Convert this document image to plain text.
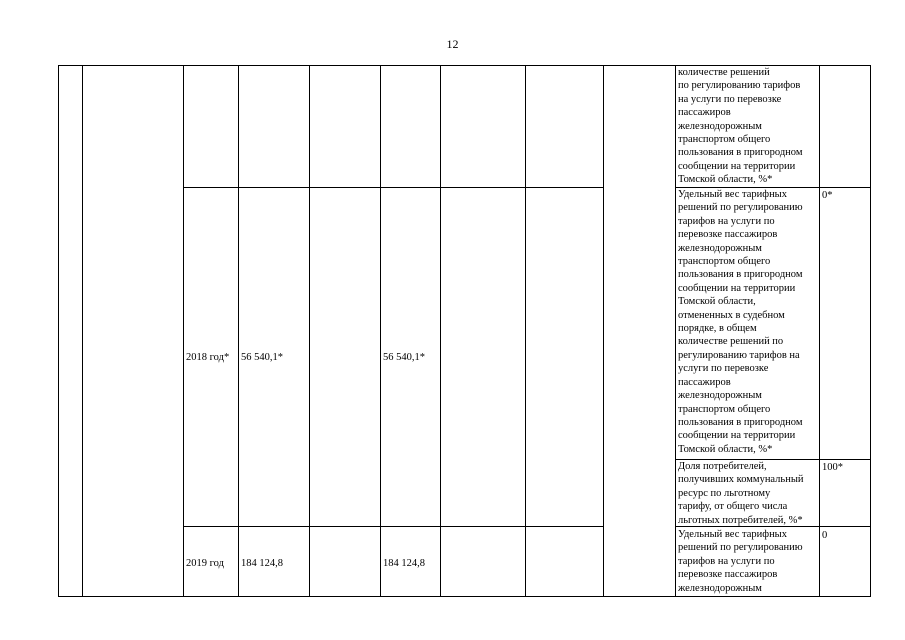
12

количестве решений
по регулированию тарифов
на услуги по перевозке
пассажиров
железнодорожным
транспортом общего
пользования в пригородном
сообщении на территории
Томской области, %*

2018 год* 56 540,1*	56 540,1*

Удельный вес тарифных
решений по регулированию
тарифов на услуги по
перевозке пассажиров
железнодорожным
транспортом общего
пользования в пригородном
сообщении на территории
Томской области,
отмененных в судебном
порядке, в общем
количестве решений по
регулированию тарифов на
услуги по перевозке
пассажиров
железнодорожным
транспортом общего
пользования в пригородном
сообщении на территории
Томской области, %*

0*

Доля потребителей,
получивших коммунальный
ресурс по льготному
тарифу, от общего числа
льготных потребителей, %*

100*
2019 год 184 124,8	184 124,8

Удельный вес тарифных
решений по регулированию
тарифов на услуги по
перевозке пассажиров
железнодорожным

0
